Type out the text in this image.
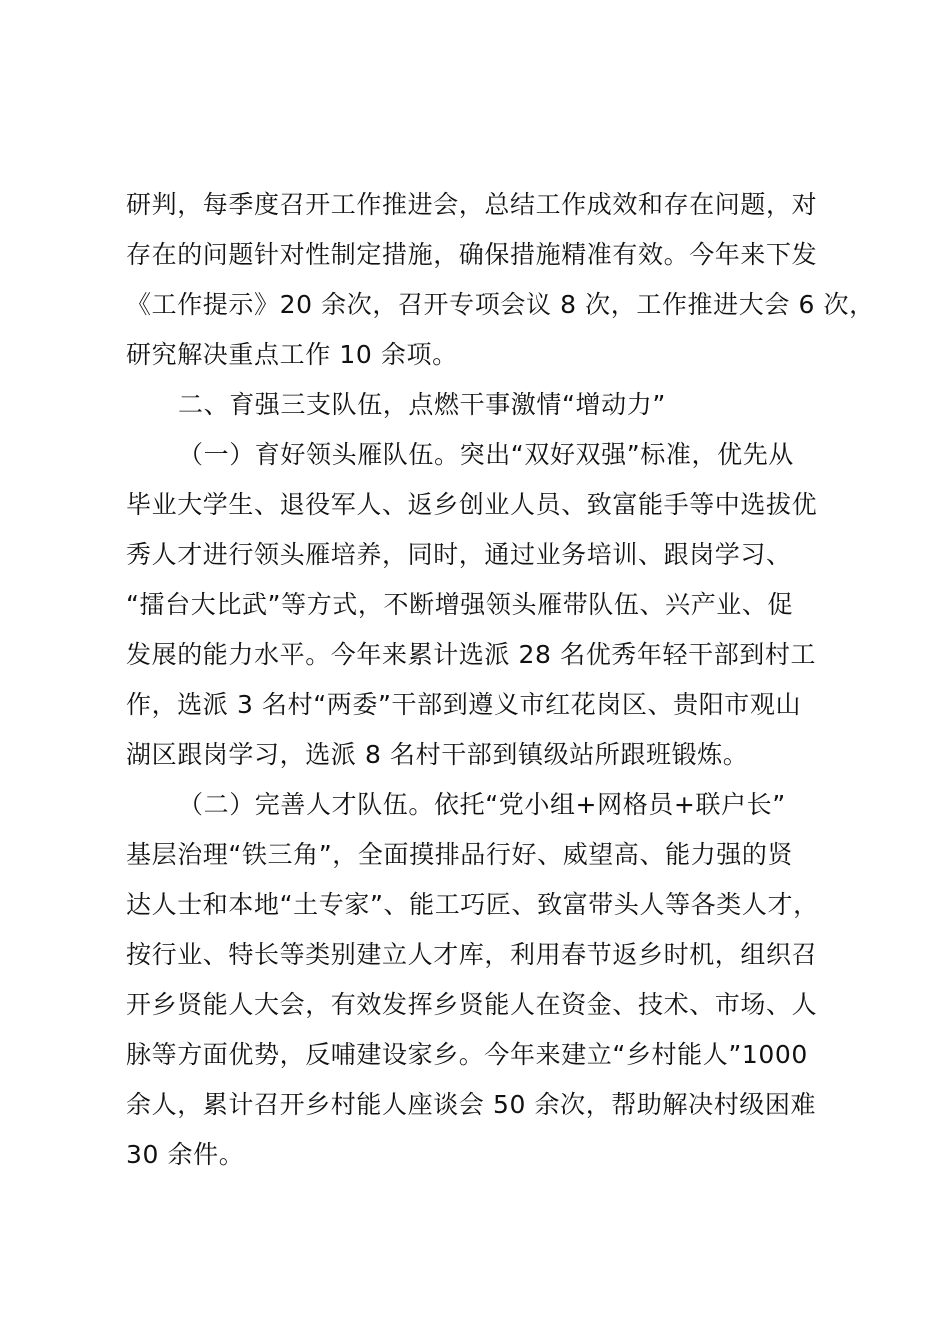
研判，每季度召开工作推进会，总结工作成效和存在问题，对
存在的问题针对性制定措施，确保措施精准有效。今年来下发
《工作提示》20 余次，召开专项会议 8 次，工作推进大会 6 次，
研究解决重点工作 10 余项。
二、育强三支队伍，点燃干事激情“增动力”
（一）育好领头雁队伍。突出“双好双强”标准，优先从
毕业大学生、退役军人、返乡创业人员、致富能手等中选拔优
秀人才进行领头雁培养，同时，通过业务培训、跟岗学习、
“擂台大比武”等方式，不断增强领头雁带队伍、兴产业、促
发展的能力水平。今年来累计选派 28 名优秀年轻干部到村工
作，选派 3 名村“两委”干部到遵义市红花岗区、贵阳市观山
湖区跟岗学习，选派 8 名村干部到镇级站所跟班锻炼。
（二）完善人才队伍。依托“党小组+网格员+联户长”
基层治理“铁三角”，全面摸排品行好、威望高、能力强的贤
达人士和本地“土专家”、能工巧匠、致富带头人等各类人才，
按行业、特长等类别建立人才库，利用春节返乡时机，组织召
开乡贤能人大会，有效发挥乡贤能人在资金、技术、市场、人
脉等方面优势，反哺建设家乡。今年来建立“乡村能人”1000
余人，累计召开乡村能人座谈会 50 余次，帮助解决村级困难
30 余件。
